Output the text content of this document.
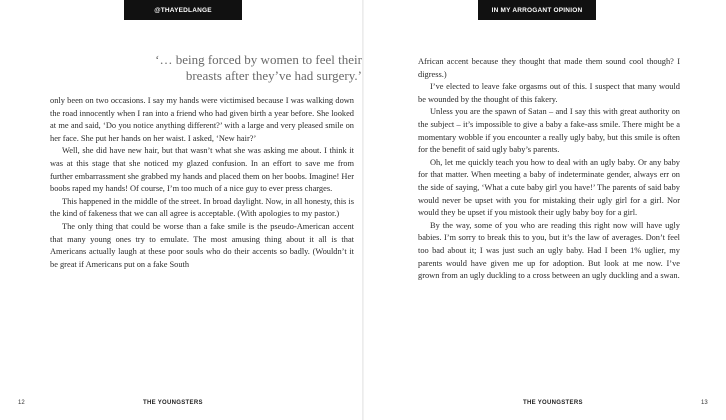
@THAYEDLANGE	IN MY ARROGANT OPINION
‘… being forced by women to feel their
breasts after they’ve had surgery.’

only been on two occasions. I say my hands were victimised because I was walking down the road innocently when I ran into a friend who had given birth a year before. She looked at me and said, ‘Do you notice anything different?’ with a large and very pleased smile on her face. She put her hands on her waist. I asked, ‘New hair?’

Well, she did have new hair, but that wasn’t what she was asking me about. I think it was at this stage that she noticed my glazed confusion. In an effort to save me from further embarrassment she grabbed my hands and placed them on her boobs. Imagine! Her boobs raped my hands! Of course, I’m too much of a nice guy to ever press charges.

This happened in the middle of the street. In broad daylight. Now, in all honesty, this is the kind of fakeness that we can all agree is acceptable. (With apologies to my pastor.)

The only thing that could be worse than a fake smile is the pseudo-American accent that many young ones try to emulate. The most amusing thing about it all is that Americans actually laugh at these poor souls who do their accents so badly. (Wouldn’t it be great if Americans put on a fake South

African accent because they thought that made them sound cool though? I digress.)

I’ve elected to leave fake orgasms out of this. I suspect that many would be wounded by the thought of this fakery.

Unless you are the spawn of Satan – and I say this with great authority on the subject – it’s impossible to give a baby a fake-ass smile. There might be a momentary wobble if you encounter a really ugly baby, but this smile is often for the benefit of said ugly baby’s parents.

Oh, let me quickly teach you how to deal with an ugly baby. Or any baby for that matter. When meeting a baby of indeterminate gender, always err on the side of saying, ‘What a cute baby girl you have!’ The parents of said baby would never be upset with you for mistaking their ugly girl for a girl. Nor would they be upset if you mistook their ugly baby boy for a girl.

By the way, some of you who are reading this right now will have ugly babies. I’m sorry to break this to you, but it’s the law of averages. Don’t feel too bad about it; I was just such an ugly baby. Had I been 1% uglier, my parents would have given me up for adoption. But look at me now. I’ve grown from an ugly duckling to a cross between an ugly duckling and a swan.

12	THE YOUNGSTERS	THE YOUNGSTERS	13
